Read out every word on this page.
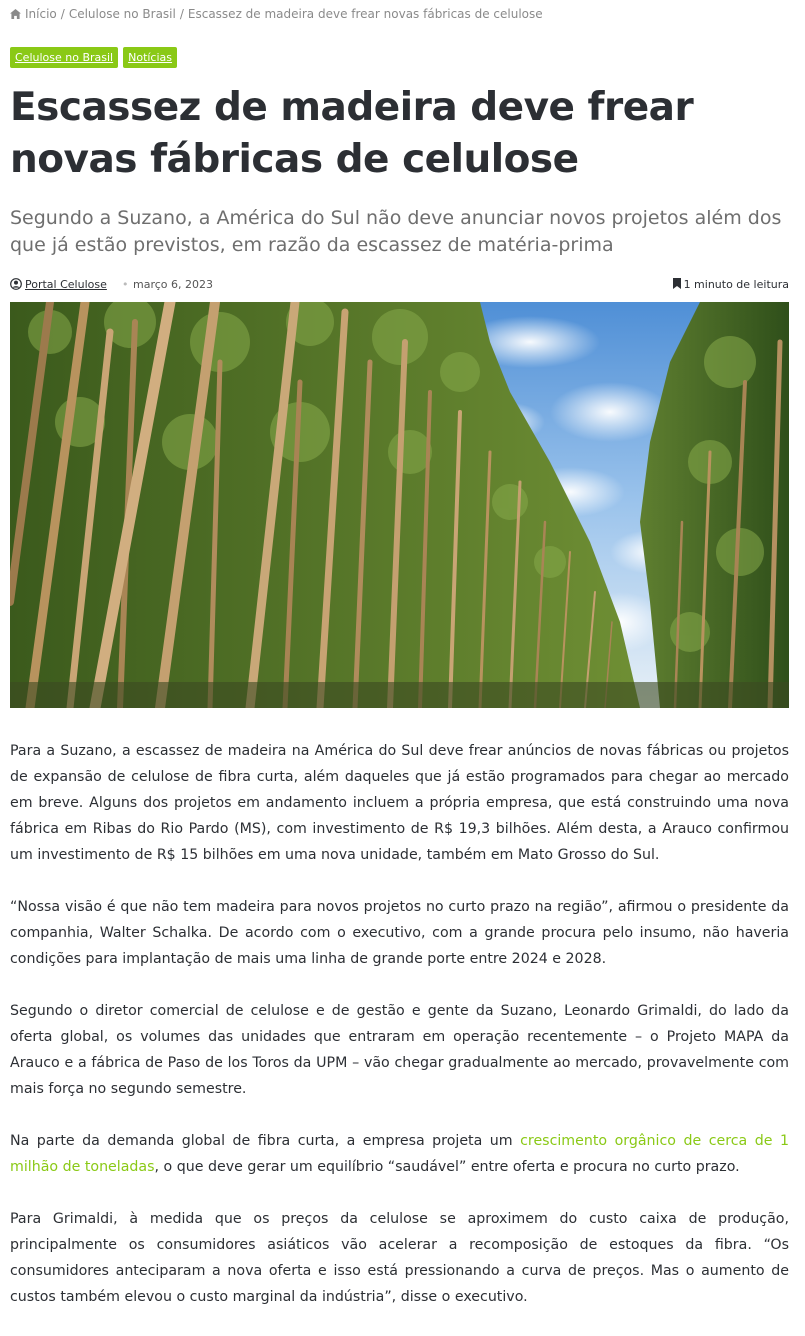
Início / Celulose no Brasil / Escassez de madeira deve frear novas fábricas de celulose
Celulose no Brasil	Notícias
Escassez de madeira deve frear novas fábricas de celulose
Segundo a Suzano, a América do Sul não deve anunciar novos projetos além dos que já estão previstos, em razão da escassez de matéria-prima
Portal Celulose • março 6, 2023	1 minuto de leitura

Para a Suzano, a escassez de madeira na América do Sul deve frear anúncios de novas fábricas ou projetos de expansão de celulose de fibra curta, além daqueles que já estão programados para chegar ao mercado em breve. Alguns dos projetos em andamento incluem a própria empresa, que está construindo uma nova fábrica em Ribas do Rio Pardo (MS), com investimento de R$ 19,3 bilhões. Além desta, a Arauco confirmou um investimento de R$ 15 bilhões em uma nova unidade, também em Mato Grosso do Sul.

“Nossa visão é que não tem madeira para novos projetos no curto prazo na região”, afirmou o presidente da companhia, Walter Schalka. De acordo com o executivo, com a grande procura pelo insumo, não haveria condições para implantação de mais uma linha de grande porte entre 2024 e 2028.

Segundo o diretor comercial de celulose e de gestão e gente da Suzano, Leonardo Grimaldi, do lado da oferta global, os volumes das unidades que entraram em operação recentemente – o Projeto MAPA da Arauco e a fábrica de Paso de los Toros da UPM – vão chegar gradualmente ao mercado, provavelmente com mais força no segundo semestre.

Na parte da demanda global de fibra curta, a empresa projeta um crescimento orgânico de cerca de 1 milhão de toneladas, o que deve gerar um equilíbrio “saudável” entre oferta e procura no curto prazo.

Para Grimaldi, à medida que os preços da celulose se aproximem do custo caixa de produção, principalmente os consumidores asiáticos vão acelerar a recomposição de estoques da fibra. “Os consumidores anteciparam a nova oferta e isso está pressionando a curva de preços. Mas o aumento de custos também elevou o custo marginal da indústria”, disse o executivo.
